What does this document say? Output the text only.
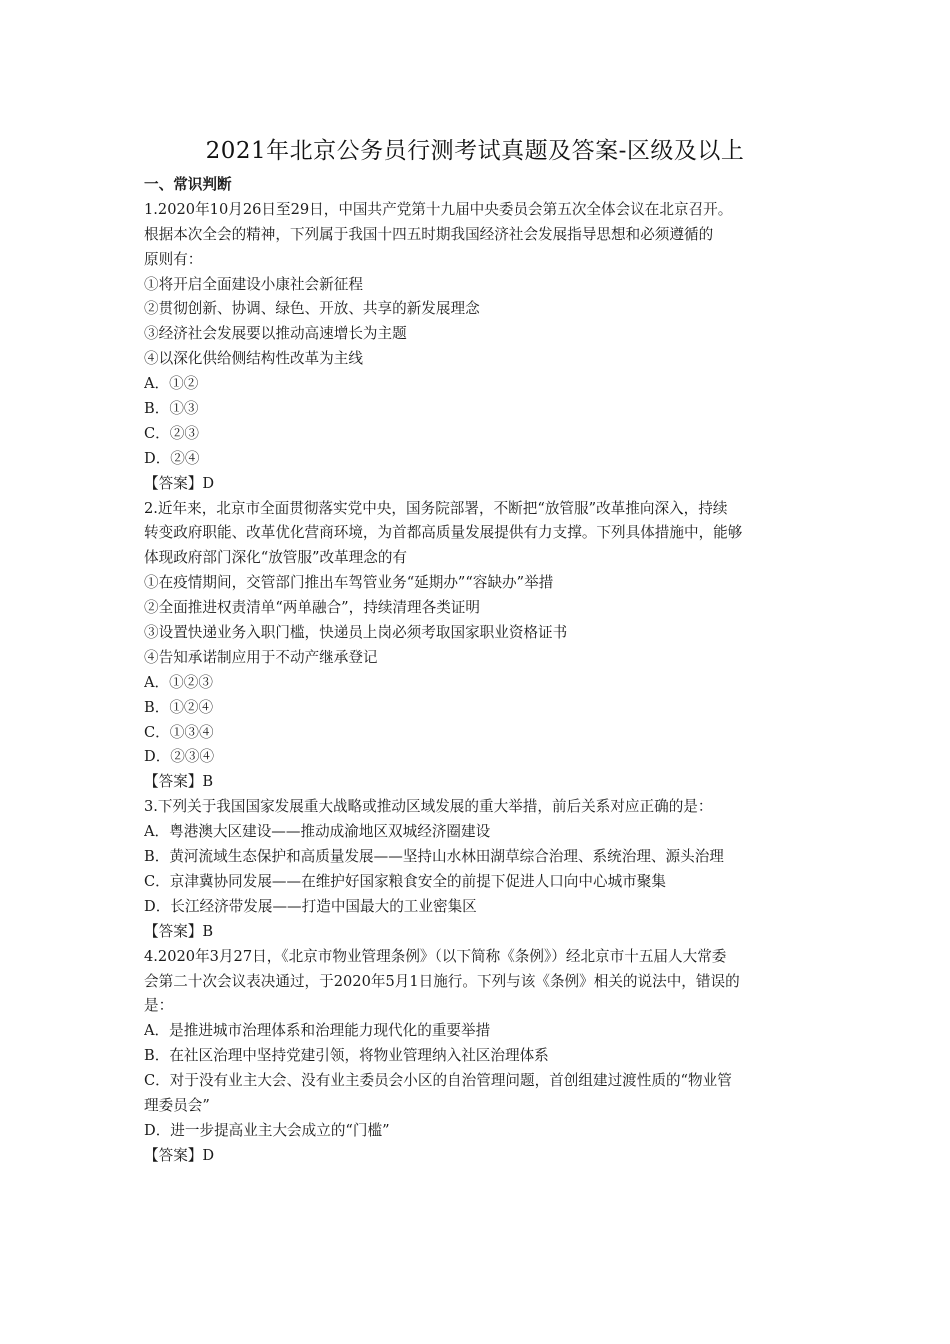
2021年北京公务员行测考试真题及答案-区级及以上
一、常识判断
1.2020年10月26日至29日，中国共产党第十九届中央委员会第五次全体会议在北京召开。
根据本次全会的精神，下列属于我国十四五时期我国经济社会发展指导思想和必须遵循的
原则有：
①将开启全面建设小康社会新征程
②贯彻创新、协调、绿色、开放、共享的新发展理念
③经济社会发展要以推动高速增长为主题
④以深化供给侧结构性改革为主线
A．①②
B．①③
C．②③
D．②④
【答案】D
2.近年来，北京市全面贯彻落实党中央，国务院部署，不断把“放管服”改革推向深入，持续
转变政府职能、改革优化营商环境，为首都高质量发展提供有力支撑。下列具体措施中，能够
体现政府部门深化“放管服”改革理念的有
①在疫情期间，交管部门推出车驾管业务“延期办”“容缺办”举措
②全面推进权责清单“两单融合”，持续清理各类证明
③设置快递业务入职门槛，快递员上岗必须考取国家职业资格证书
④告知承诺制应用于不动产继承登记
A．①②③
B．①②④
C．①③④
D．②③④
【答案】B
3.下列关于我国国家发展重大战略或推动区域发展的重大举措，前后关系对应正确的是：
A．粤港澳大区建设——推动成渝地区双城经济圈建设
B．黄河流域生态保护和高质量发展——坚持山水林田湖草综合治理、系统治理、源头治理
C．京津冀协同发展——在维护好国家粮食安全的前提下促进人口向中心城市聚集
D．长江经济带发展——打造中国最大的工业密集区
【答案】B
4.2020年3月27日，《北京市物业管理条例》（以下简称《条例》）经北京市十五届人大常委
会第二十次会议表决通过，于2020年5月1日施行。下列与该《条例》相关的说法中，错误的
是：
A．是推进城市治理体系和治理能力现代化的重要举措
B．在社区治理中坚持党建引领，将物业管理纳入社区治理体系
C．对于没有业主大会、没有业主委员会小区的自治管理问题，首创组建过渡性质的“物业管
理委员会”
D．进一步提高业主大会成立的“门槛”
【答案】D
